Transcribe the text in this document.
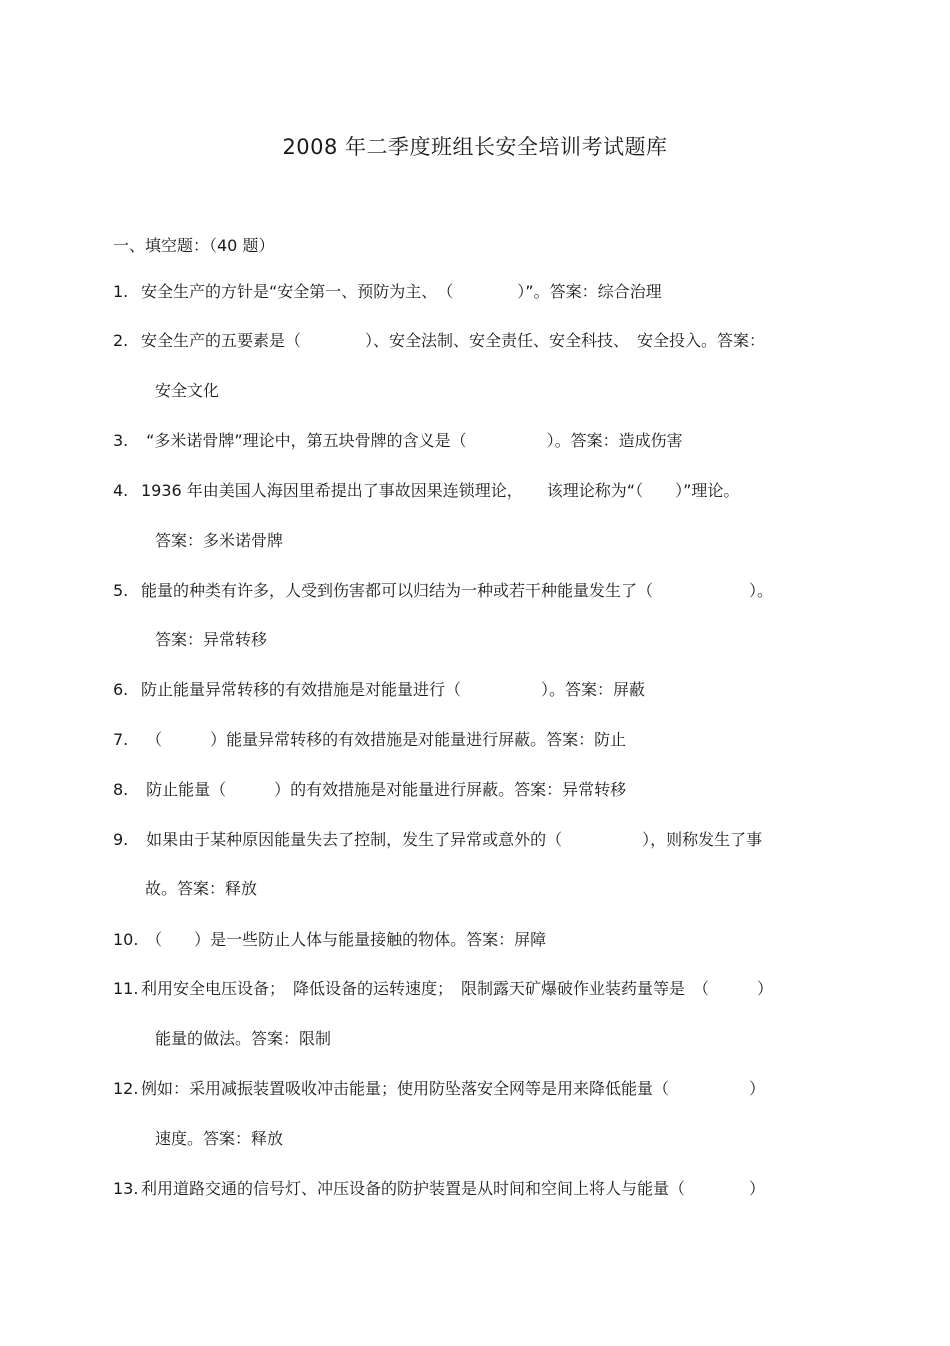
2008 年二季度班组长安全培训考试题库
一、填空题：（40 题）
1. 安全生产的方针是“安全第一、预防为主、　（　　　　）”。答案：综合治理
2. 安全生产的五要素是（　　　　）、安全法制、安全责任、安全科技、　安全投入。答案：
安全文化
3. “多米诺骨牌”理论中，第五块骨牌的含义是（　　　　　）。答案：造成伤害
4. 1936 年由美国人海因里希提出了事故因果连锁理论，　　该理论称为“（　　）”理论。
答案：多米诺骨牌
5. 能量的种类有许多，人受到伤害都可以归结为一种或若干种能量发生了（　　　　　　）。
答案：异常转移
6. 防止能量异常转移的有效措施是对能量进行（　　　　　）。答案：屏蔽
7. （　　　）能量异常转移的有效措施是对能量进行屏蔽。答案：防止
8. 防止能量（　　　）的有效措施是对能量进行屏蔽。答案：异常转移
9. 如果由于某种原因能量失去了控制，发生了异常或意外的（　　　　　），则称发生了事
故。答案：释放
10. （　　）是一些防止人体与能量接触的物体。答案：屏障
11. 利用安全电压设备；　降低设备的运转速度；　限制露天矿爆破作业装药量等是　（　　　）
能量的做法。答案：限制
12. 例如：采用减振装置吸收冲击能量；使用防坠落安全网等是用来降低能量（　　　　　）
速度。答案：释放
13. 利用道路交通的信号灯、冲压设备的防护装置是从时间和空间上将人与能量（　　　　）
